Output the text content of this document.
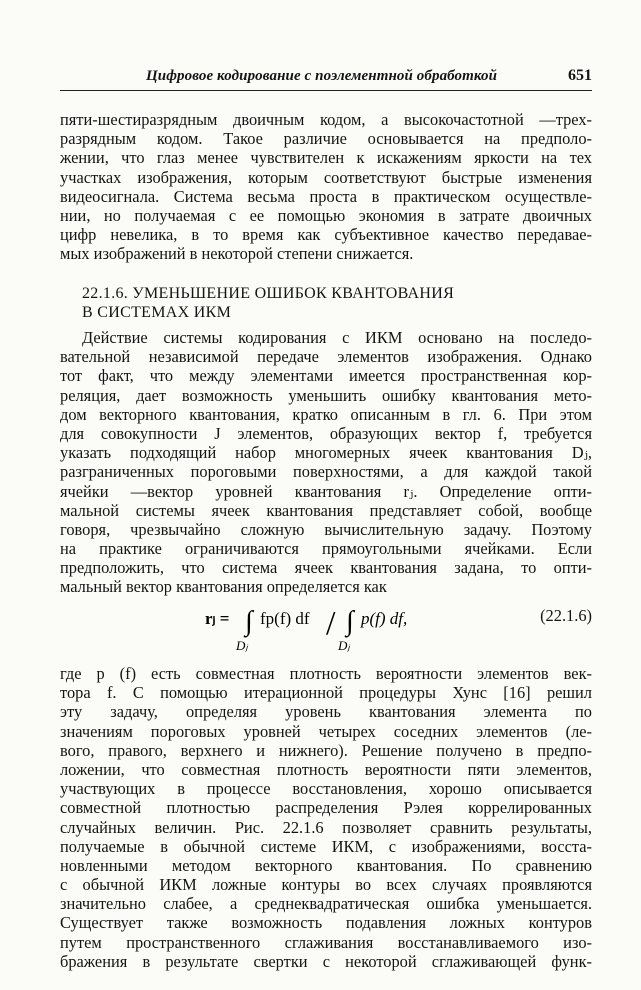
Цифровое кодирование с поэлементной обработкой	651
пяти-шестиразрядным двоичным кодом, а высокочастотной —трех-
разрядным кодом. Такое различие основывается на предполо-
жении, что глаз менее чувствителен к искажениям яркости на тех
участках изображения, которым соответствуют быстрые изменения
видеосигнала. Система весьма проста в практическом осуществле-
нии, но получаемая с ее помощью экономия в затрате двоичных
цифр невелика, в то время как субъективное качество передавае-
мых изображений в некоторой степени снижается.
22.1.6. УМЕНЬШЕНИЕ ОШИБОК КВАНТОВАНИЯ
В СИСТЕМАХ ИКМ
Действие системы кодирования с ИКМ основано на последо-
вательной независимой передаче элементов изображения. Однако
тот факт, что между элементами имеется пространственная кор-
реляция, дает возможность уменьшить ошибку квантования мето-
дом векторного квантования, кратко описанным в гл. 6. При этом
для совокупности J элементов, образующих вектор f, требуется
указать подходящий набор многомерных ячеек квантования Dⱼ,
разграниченных пороговыми поверхностями, а для каждой такой
ячейки —вектор уровней квантования rⱼ. Определение опти-
мальной системы ячеек квантования представляет собой, вообще
говоря, чрезвычайно сложную вычислительную задачу. Поэтому
на практике ограничиваются прямоугольными ячейками. Если
предположить, что система ячеек квантования задана, то опти-
мальный вектор квантования определяется как
rⱼ = ∫ fp(f) df
Dⱼ
/ ∫ p(f) df,
Dⱼ
(22.1.6)
где p (f) есть совместная плотность вероятности элементов век-
тора f. С помощью итерационной процедуры Хунс [16] решил
эту задачу, определяя уровень квантования элемента по
значениям пороговых уровней четырех соседних элементов (ле-
вого, правого, верхнего и нижнего). Решение получено в предпо-
ложении, что совместная плотность вероятности пяти элементов,
участвующих в процессе восстановления, хорошо описывается
совместной плотностью распределения Рэлея коррелированных
случайных величин. Рис. 22.1.6 позволяет сравнить результаты,
получаемые в обычной системе ИКМ, с изображениями, восста-
новленными методом векторного квантования. По сравнению
с обычной ИКМ ложные контуры во всех случаях проявляются
значительно слабее, а среднеквадратическая ошибка уменьшается.
Существует также возможность подавления ложных контуров
путем пространственного сглаживания восстанавливаемого изо-
бражения в результате свертки с некоторой сглаживающей функ-
